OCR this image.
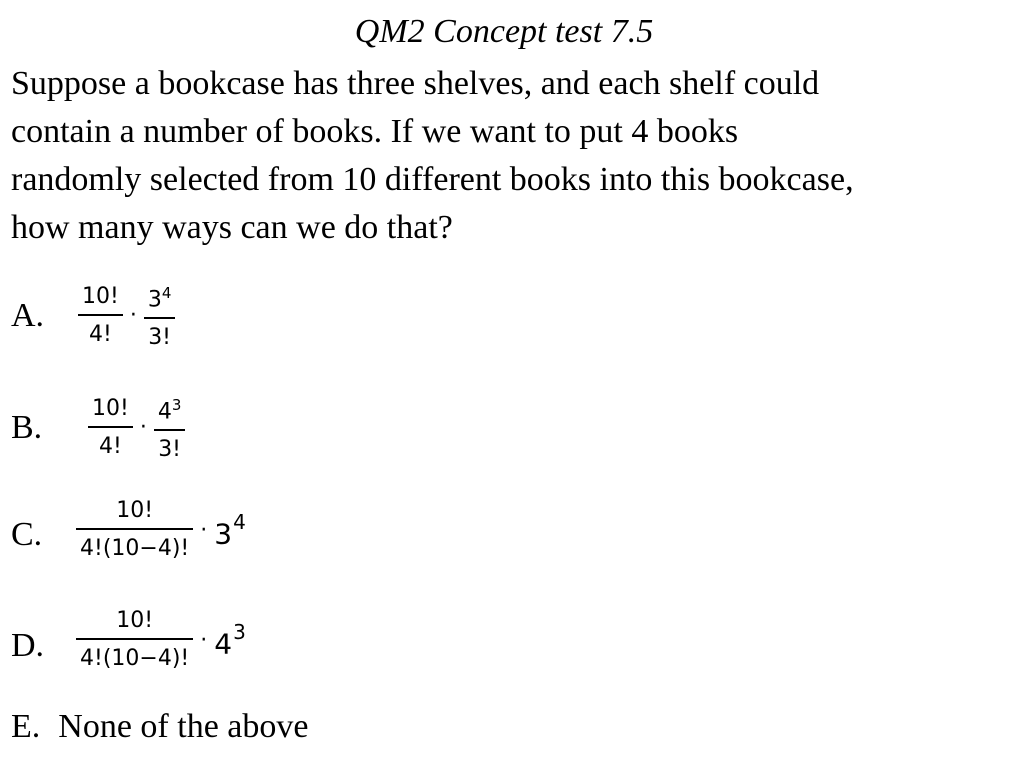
QM2 Concept test 7.5
Suppose a bookcase has three shelves, and each shelf could
contain a number of books. If we want to put 4 books
randomly selected from 10 different books into this bookcase,
how many ways can we do that?
A. $\frac{10!}{4!} \cdot \frac{3^4}{3!}$
B. $\frac{10!}{4!} \cdot \frac{4^3}{3!}$
C. $\frac{10!}{4!(10-4)!} \cdot 3^4$
D. $\frac{10!}{4!(10-4)!} \cdot 4^3$
E. None of the above
